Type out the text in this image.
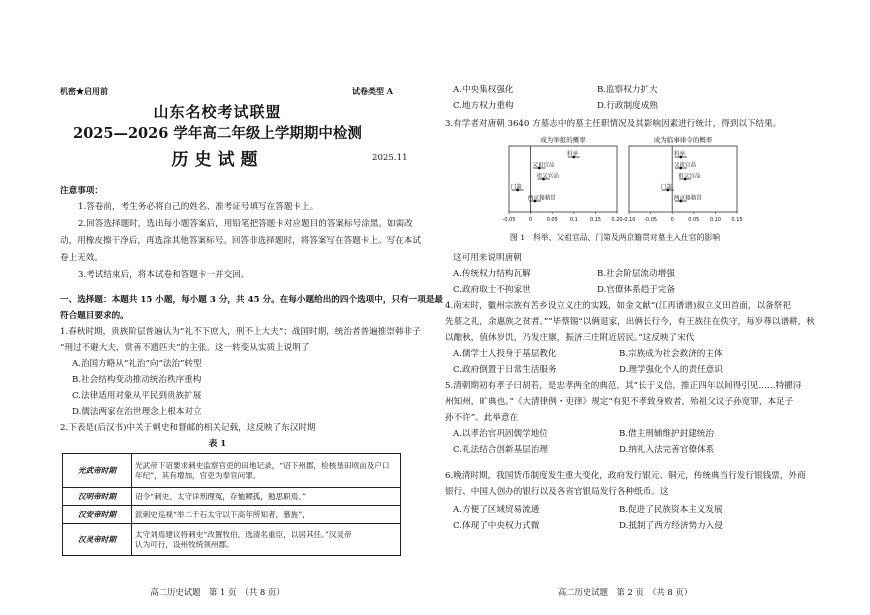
机密★启用前	试卷类型 A
山东名校考试联盟
2025—2026 学年高二年级上学期期中检测
历史试题	2025.11
注意事项：
1.答卷前，考生务必将自己的姓名、准考证号填写在答题卡上。
2.回答选择题时，选出每小题答案后，用铅笔把答题卡对应题目的答案标号涂黑。如需改
动，用橡皮擦干净后，再选涂其他答案标号。回答非选择题时，将答案写在答题卡上。写在本试
卷上无效。
3.考试结束后，将本试卷和答题卡一并交回。
一、选择题：本题共 15 小题，每小题 3 分，共 45 分。在每小题给出的四个选项中，只有一项是最
符合题目要求的。
1.春秋时期，贵族阶层普遍认为“礼不下庶人，刑不上大夫”；战国时期，统治者普遍推崇韩非子
“刑过不避大夫，赏善不遗匹夫”的主张。这一转变从实质上说明了
A.治国方略从“礼治”向“法治”转型
B.社会结构变动推动统治秩序重构
C.法律适用对象从平民到贵族扩展
D.儒法两家在治世理念上根本对立
2.下表是(后汉书)中关于刺史和督邮的相关记载，这反映了东汉时期
表 1
光武帝时期	光武帝下诏要求刺史监察官吏的田地记录，“诏下州郡，检核垦田顷亩及户口年纪”，其有增加，官吏为奉官问罪。
汉明帝时期	诏令“刺史、太守详刑理冤，存恤鳏孤，勉思职焉。”
汉安帝时期	派刺史巡视“举二千石太守以下高年所知者，慕旌”，
汉灵帝时期	太守刘焉建议将刺史“改置牧伯，选清名重臣，以居其任。”汉灵帝
认为可行，设州牧统领州郡。
高二历史试题　第 1 页　（共 8 页）
A.中央集权强化	B.监察权力扩大
C.地方权力重构	D.行政制度成熟
3.有学者对唐朝 3640 方墓志中的墓主任职情况及其影响因素进行统计，得到以下结果。
成为举报的概率
科举
父祖官品
祖父官品
门第
两京籍籍贯
-0.05	0	0.05 0.1 0.15 0.20
成为临事律令的概率
科举
父祖官品
祖父官品
门第
两京籍籍贯
-0.10 -0.05	0	0.05 0.10 0.15
图 1　科举、父祖官品、门第及两京籍贯对墓主入仕官的影响
这可用来说明唐朝
A.传统权力结构瓦解	B.社会阶层流动增强
C.政府取士不拘家世	D.官僚体系趋于完备
4.南宋时，徽州宗族有苦乡设立义庄的实践，如金文献“(江再谱谱)叙立义田首面，以备祭祀
先墓之礼，余惠族之贫者。””毕蔡锡“以俩退家，出俩长行今，有王族往在佚守，每岁尊以谱耕，秋
以酿秋，值休岁饥，乃发庄廪，振济三庄附近居民。”这反映了宋代
A.儒学士人投身于基层教化	B.宗族成为社会救济的主体
C.政府倒置于日常生活服务	D.理学强化个人的责任意识
5.清朝期初有孝子曰胡若，是忠孝两全的典范，其“长于义信，推正四年以间得引见……特擢浔
州知州，旷典也。”《大清律例・吏律》规定“有犯不孝致身败者，殆祖父议子孙宽罪，本足子
孙不许”。此举意在
A.以孝治官巩固儒学地位	B.借主刑辅维护封建统治
C.礼法结合创新基层治理	D.纳礼入法完善官僚体系
6.晚清时期，我国货币制度发生重大变化，政府发行银元、铜元，传统典当行发行银钱票，外商
银行、中国人创办的银行以及各省官银局发行各种纸币。这
A.方便了区域贸易流通	B.促进了民族资本主义发展
C.体现了中央权力式微	D.抵制了西方经济势力入侵
高二历史试题　第 2 页　（共 8 页）
